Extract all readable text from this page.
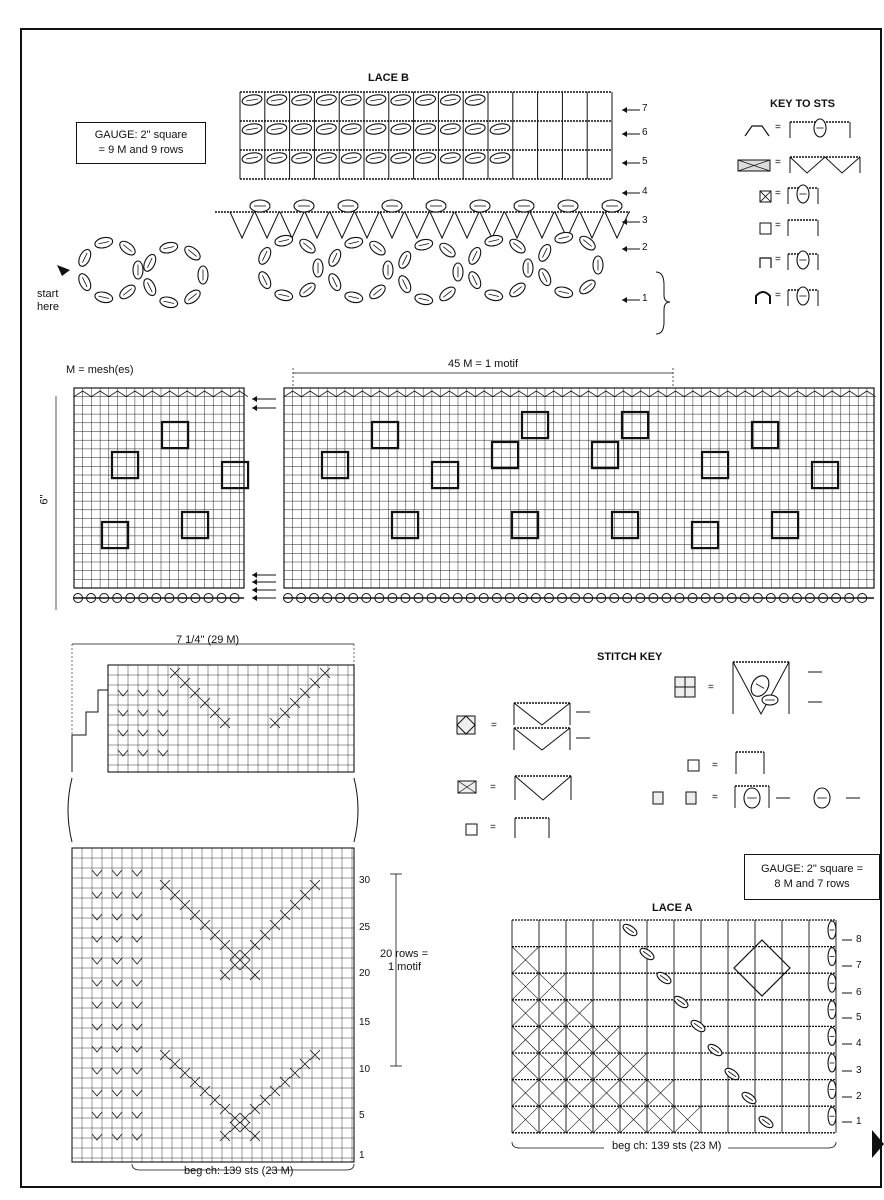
LACE B
GAUGE: 2" square
= 9 M and 9 rows
start
here
7
6
5
4
3
2
1
KEY TO STS
=
=
=
=
=
=
M = mesh(es)	45 M = 1 motif
6"
7 1/4" (29 M)
30
25
20
15
10
5
1
20 rows =
1 motif
beg ch: 139 sts (23 M)
STITCH KEY
=
=
=
=
=
=
GAUGE: 2" square =
8 M and 7 rows
LACE A
8
7
6
5
4
3
2
1
beg ch: 139 sts (23 M)
